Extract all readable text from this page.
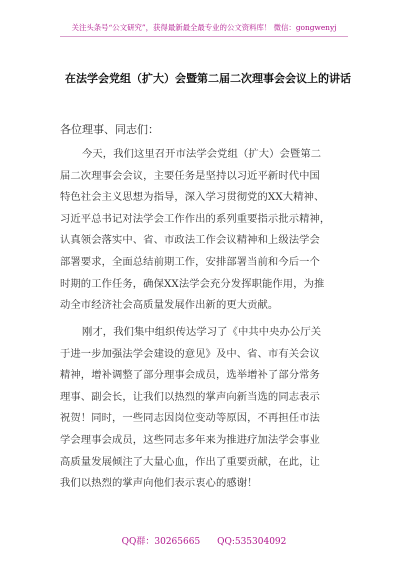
关注头条号“公文研究”，获得最新最全最专业的公文资料库！ 微信：gongwenyj
在法学会党组（扩大）会暨第二届二次理事会会议上的讲话
各位理事、同志们：
今天，我们这里召开市法学会党组（扩大）会暨第二
届二次理事会会议，主要任务是坚持以习近平新时代中国
特色社会主义思想为指导，深入学习贯彻党的XX大精神、
习近平总书记对法学会工作作出的系列重要指示批示精神，
认真领会落实中、省、市政法工作会议精神和上级法学会
部署要求，全面总结前期工作，安排部署当前和今后一个
时期的工作任务，确保XX法学会充分发挥职能作用，为推
动全市经济社会高质量发展作出新的更大贡献。
刚才，我们集中组织传达学习了《中共中央办公厅关
于进一步加强法学会建设的意见》及中、省、市有关会议
精神，增补调整了部分理事会成员，选举增补了部分常务
理事、副会长，让我们以热烈的掌声向新当选的同志表示
祝贺！同时，一些同志因岗位变动等原因，不再担任市法
学会理事会成员，这些同志多年来为推进疗加法学会事业
高质量发展倾注了大量心血，作出了重要贡献，在此，让
我们以热烈的掌声向他们表示衷心的感谢！
QQ群：30265665 QQ:535304092
